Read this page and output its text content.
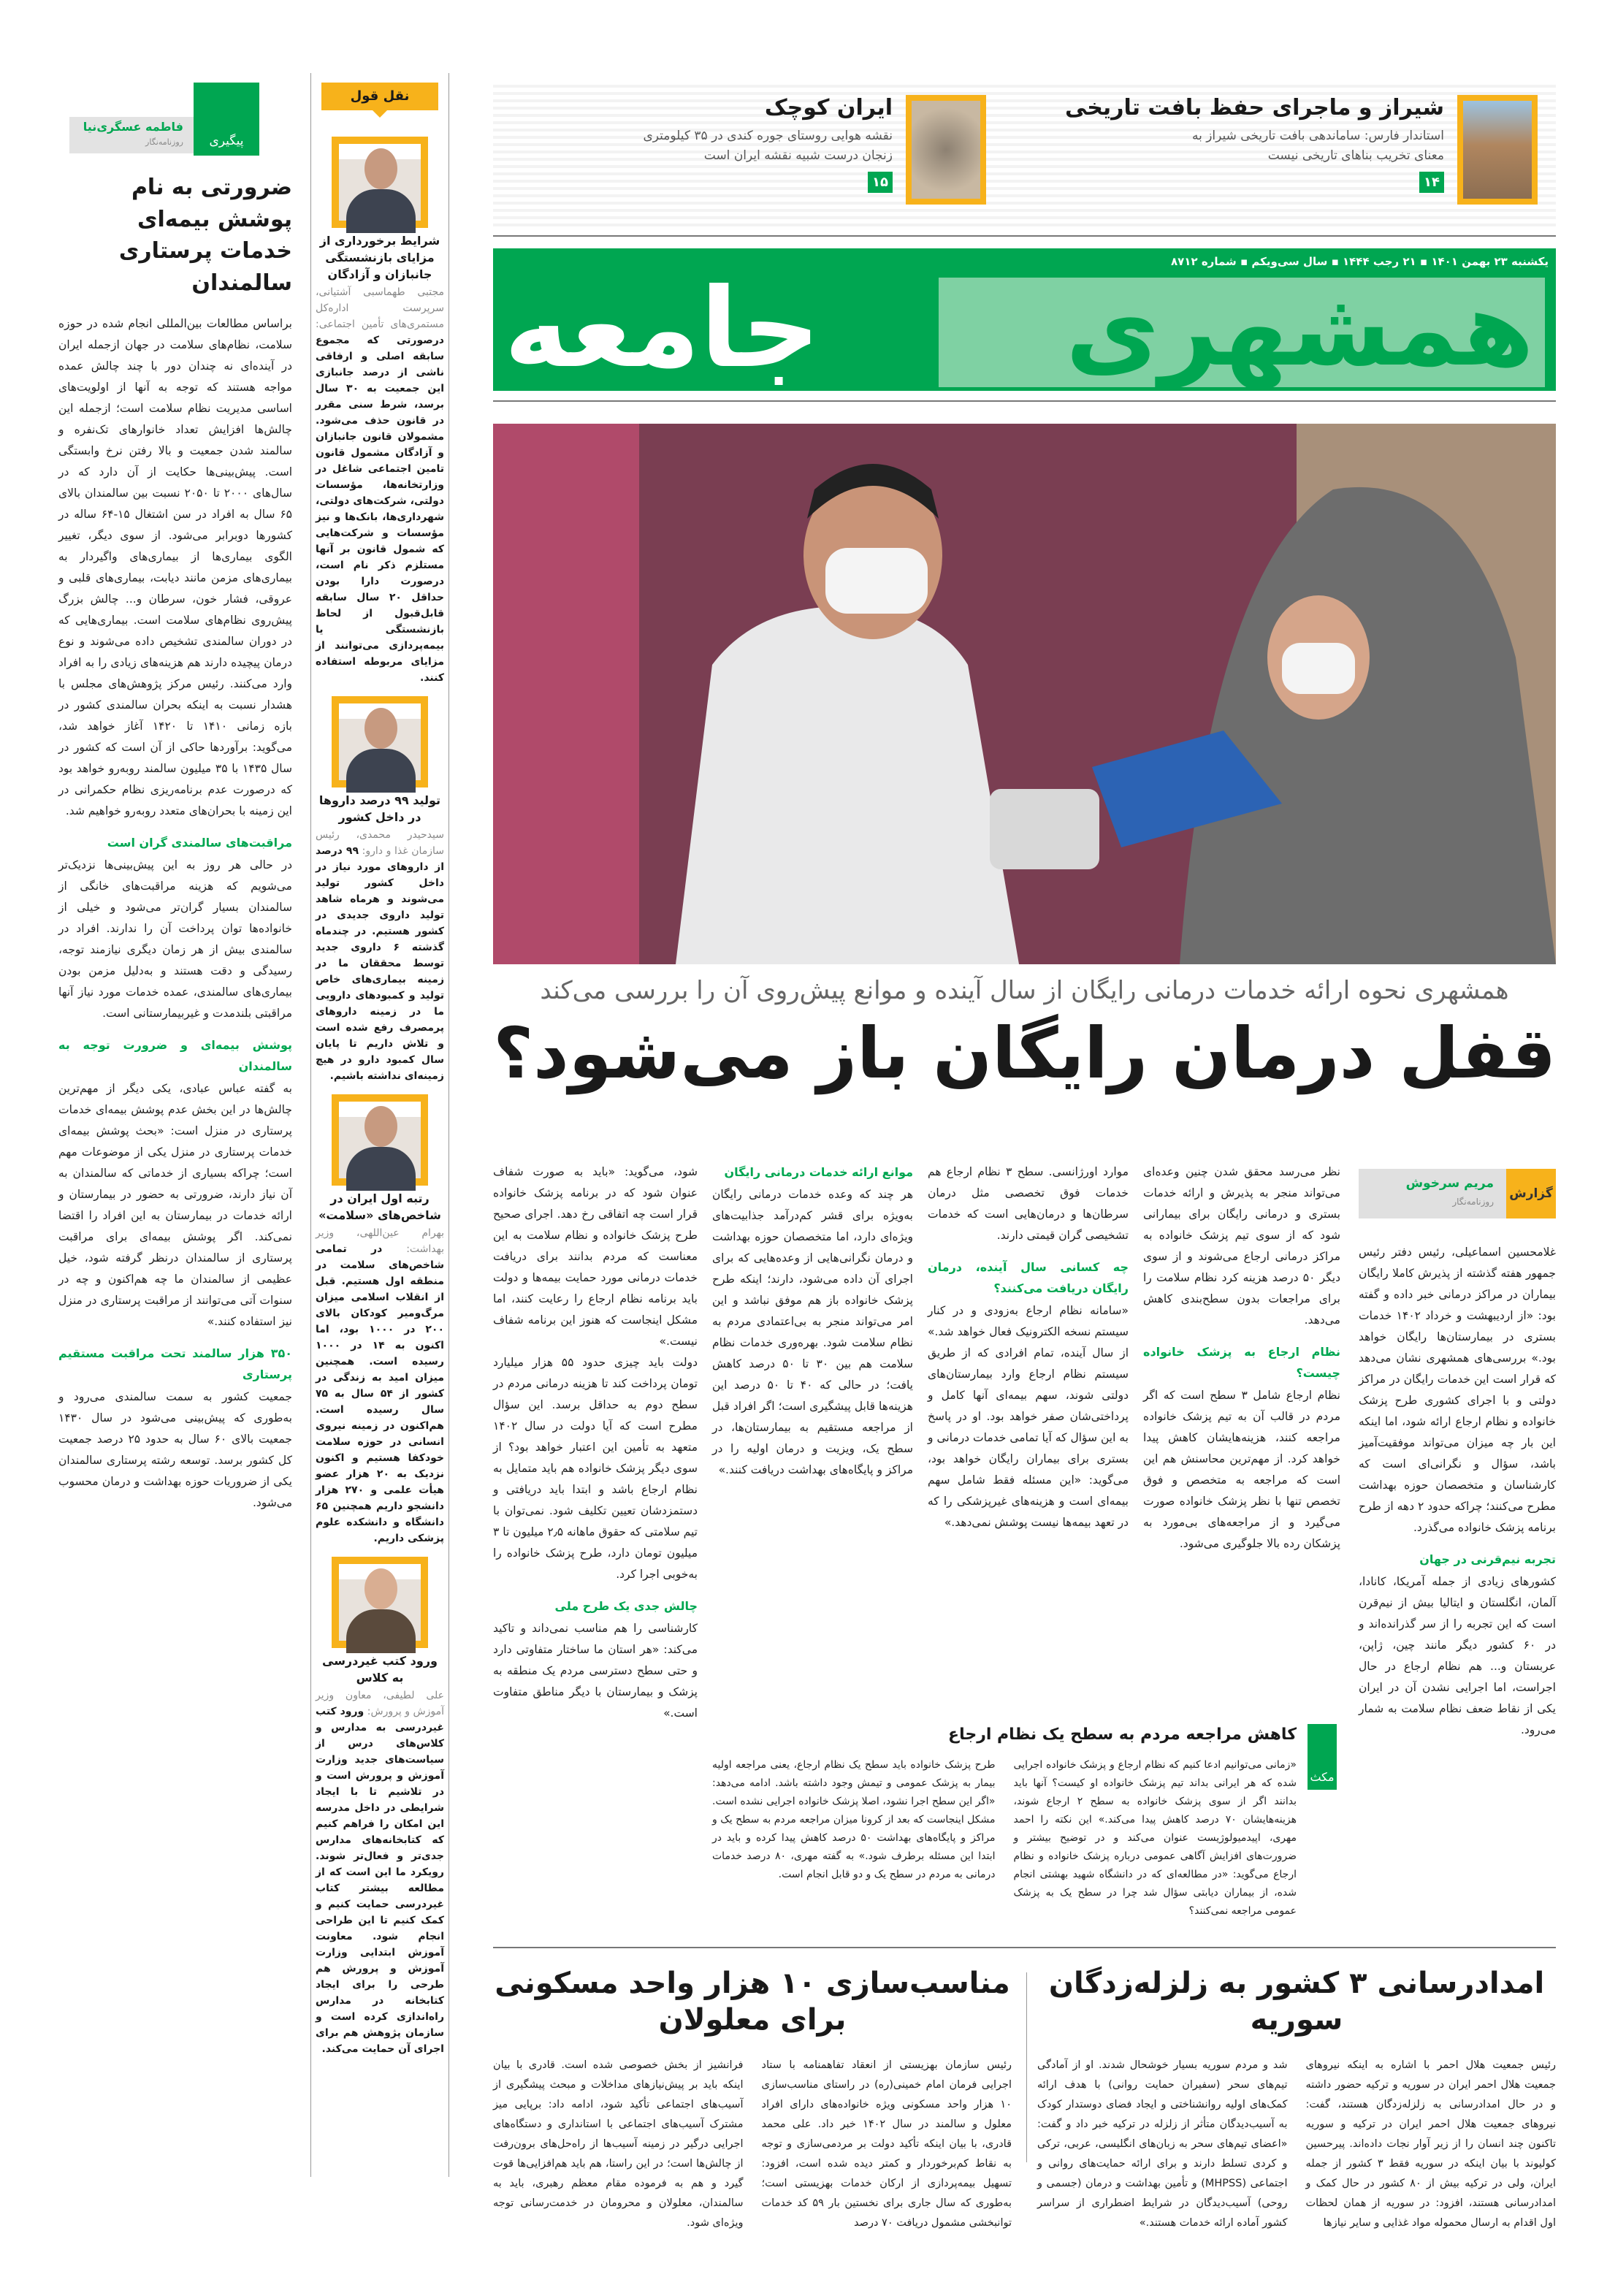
پیگیری
فاطمه عسگری‌نیا
روزنامه‌نگار
ضرورتی به نام پوشش بیمه‌ای خدمات پرستاری سالمندان

براساس مطالعات بین‌المللی انجام شده در حوزه سلامت، نظام‌های سلامت در جهان ازجمله ایران در آینده‌ای نه چندان دور با چند چالش عمده مواجه هستند که توجه به آنها از اولویت‌های اساسی مدیریت نظام سلامت است؛ ازجمله این چالش‌ها افزایش تعداد خانوارهای تک‌نفره و سالمند شدن جمعیت و بالا رفتن نرخ وابستگی است. پیش‌بینی‌ها حکایت از آن دارد که در سال‌های ۲۰۰۰ تا ۲۰۵۰ نسبت بین سالمندان بالای ۶۵ سال به افراد در سن اشتغال ۱۵-۶۴ ساله در کشورها دوبرابر می‌شود. از سوی دیگر، تغییر الگوی بیماری‌ها از بیماری‌های واگیردار به بیماری‌های مزمن مانند دیابت، بیماری‌های قلبی و عروقی، فشار خون، سرطان و... چالش بزرگ پیش‌روی نظام‌های سلامت است. بیماری‌هایی که در دوران سالمندی تشخیص داده می‌شوند و نوع درمان پیچیده دارند هم هزینه‌های زیادی را به افراد وارد می‌کنند. رئیس مرکز پژوهش‌های مجلس با هشدار نسبت به اینکه بحران سالمندی کشور در بازه زمانی ۱۴۱۰ تا ۱۴۲۰ آغاز خواهد شد، می‌گوید: برآوردها حاکی از آن است که کشور در سال ۱۴۳۵ با ۳۵ میلیون سالمند روبه‌رو خواهد بود که درصورت عدم برنامه‌ریزی نظام حکمرانی در این زمینه با بحران‌های متعدد روبه‌رو خواهیم شد.

مراقبت‌های سالمندی گران است

در حالی هر روز به این پیش‌بینی‌ها نزدیک‌تر می‌شویم که هزینه مراقبت‌های خانگی از سالمندان بسیار گران‌تر می‌شود و خیلی از خانواده‌ها توان پرداخت آن را ندارند. افراد در سالمندی بیش از هر زمان دیگری نیازمند توجه، رسیدگی و دقت هستند و به‌دلیل مزمن بودن بیماری‌های سالمندی، عمده خدمات مورد نیاز آنها مراقبتی بلندمدت و غیربیمارستانی است.

پوشش بیمه‌ای و ضرورت توجه به سالمندان

به گفته عباس عبادی، یکی دیگر از مهم‌ترین چالش‌ها در این بخش عدم پوشش بیمه‌ای خدمات پرستاری در منزل است: «بحث پوشش بیمه‌ای خدمات پرستاری در منزل یکی از موضوعات مهم است؛ چراکه بسیاری از خدماتی که سالمندان به آن نیاز دارند، ضرورتی به حضور در بیمارستان و ارائه خدمات در بیمارستان به این افراد را اقتضا نمی‌کند. اگر پوشش بیمه‌ای برای مراقبت پرستاری از سالمندان درنظر گرفته شود، خیل عظیمی از سالمندان ما چه هم‌اکنون و چه در سنوات آتی می‌توانند از مراقبت پرستاری در منزل نیز استفاده کنند.»

۳۵۰ هزار سالمند تحت مراقبت مستقیم پرستاری

جمعیت کشور به سمت سالمندی می‌رود و به‌طوری که پیش‌بینی می‌شود در سال ۱۴۳۰ جمعیت بالای ۶۰ سال به حدود ۲۵ درصد جمعیت کل کشور برسد. توسعه رشته پرستاری سالمندان یکی از ضروریات حوزه بهداشت و درمان محسوب می‌شود.

نقل قول
شرایط برخورداری از مزایای بازنشستگی جانبازان و آزادگان
مجتبی طهماسبی آشتیانی، سرپرست اداره‌کل مستمری‌های تأمین اجتماعی: درصورتی که مجموع سابقه اصلی و ارفاقی ناشی از درصد جانبازی این جمعیت به ۳۰ سال برسد، شرط سنی مقرر در قانون حذف می‌شود. مشمولان قانون جانبازان و آزادگان مشمول قانون تامین اجتماعی شاغل در وزارتخانه‌ها، مؤسسات دولتی، شرکت‌های دولتی، شهرداری‌ها، بانک‌ها و نیز مؤسسات و شرکت‌هایی که شمول قانون بر آنها مستلزم ذکر نام است، درصورت دارا بودن حداقل ۲۰ سال سابقه قابل‌قبول از لحاظ بازنشستگی یا بیمه‌پردازی می‌توانند از مزایای مربوطه استفاده کنند.
تولید ۹۹ درصد داروها در داخل کشور
سیدحیدر محمدی، رئیس سازمان غذا و دارو: ۹۹ درصد از داروهای مورد نیاز در داخل کشور تولید می‌شوند و هرماه شاهد تولید داروی جدیدی در کشور هستیم. در چندماه گذشته ۶ داروی جدید توسط محققان ما در زمینه بیماری‌های خاص تولید و کمبودهای دارویی ما در زمینه داروهای پرمصرف رفع شده است و تلاش داریم تا پایان سال کمبود دارو در هیچ زمینه‌ای نداشته باشیم.
رتبه اول ایران در شاخص‌های «سلامت»
بهرام عین‌اللهی، وزیر بهداشت: در تمامی شاخص‌های سلامت در منطقه اول هستیم. قبل از انقلاب اسلامی میزان مرگ‌ومیر کودکان بالای ۲۰۰ در ۱۰۰۰ بود، اما اکنون به ۱۴ در ۱۰۰۰ رسیده است. همچنین میزان امید به زندگی در کشور از ۵۴ سال به ۷۵ سال رسیده است. هم‌اکنون در زمینه نیروی انسانی در حوزه سلامت خودکفا هستیم و اکنون نزدیک به ۲۰ هزار عضو هیأت علمی و ۲۷۰ هزار دانشجو داریم همچنین ۶۵ دانشگاه و دانشکده علوم پزشکی داریم.
ورود کتب غیردرسی به کلاس
علی لطیفی، معاون وزیر آموزش و پرورش: ورود کتب غیردرسی به مدارس و کلاس‌های درس از سیاست‌های جدید وزارت آموزش و پرورش است و در تلاشیم تا با ایجاد شرایطی در داخل مدرسه این امکان را فراهم کنیم که کتابخانه‌های مدارس جدی‌تر و فعال‌تر شوند. رویکرد ما این است که از مطالعه بیشتر کتاب غیردرسی حمایت کنیم و کمک کنیم تا این طراحی انجام شود. معاونت آموزش ابتدایی وزارت آموزش و پرورش هم طرحی را برای ایجاد کتابخانه در مدارس راه‌اندازی کرده است و سازمان پژوهش هم برای اجرای آن حمایت می‌کند.
شیراز و ماجرای حفظ بافت تاریخی

استاندار فارس: ساماندهی بافت تاریخی شیراز به معنای تخریب بناهای تاریخی نیست

۱۴
ایران کوچک

نقشه هوایی روستای جوره کندی در ۳۵ کیلومتری زنجان درست شبیه نقشه ایران است

۱۵
یکشنبه ۲۳ بهمن ۱۴۰۱ ▪ ۲۱ رجب ۱۴۴۴ ▪ سال سی‌ویکم ▪ شماره ۸۷۱۲
همشهری
جامعه
همشهری نحوه ارائه خدمات درمانی رایگان از سال آینده و موانع پیش‌روی آن را بررسی می‌کند
قفل درمان رایگان باز می‌شود؟
گزارش
مریم سرخوش
روزنامه‌نگار

غلامحسین اسماعیلی، رئیس دفتر رئیس جمهور هفته گذشته از پذیرش کاملا رایگان بیماران در مراکز درمانی خبر داده و گفته بود: «از اردیبهشت و خرداد ۱۴۰۲ خدمات بستری در بیمارستان‌ها رایگان خواهد بود.» بررسی‌های همشهری نشان می‌دهد که قرار است این خدمات رایگان در مراکز دولتی و با اجرای کشوری طرح پزشک خانواده و نظام ارجاع ارائه شود، اما اینکه این بار چه میزان می‌تواند موفقیت‌آمیز باشد، سؤال و نگرانی‌ای است که کارشناسان و متخصصان حوزه بهداشت مطرح می‌کنند؛ چراکه حدود ۲ دهه از طرح برنامه پزشک خانواده می‌گذرد.

تجربه نیم‌قرنی در جهان

کشورهای زیادی از جمله آمریکا، کانادا، آلمان، انگلستان و ایتالیا بیش از نیم‌قرن است که این تجربه را از سر گذرانده‌اند و در ۶۰ کشور دیگر مانند چین، ژاپن، عربستان و... هم نظام ارجاع در حال اجراست، اما اجرایی نشدن آن در ایران یکی از نقاط ضعف نظام سلامت به شمار می‌رود.

نظر می‌رسد محقق شدن چنین وعده‌ای می‌تواند منجر به پذیرش و ارائه خدمات بستری و درمانی رایگان برای بیمارانی شود که از سوی تیم پزشک خانواده به مراکز درمانی ارجاع می‌شوند و از سوی دیگر ۵۰ درصد هزینه کرد نظام سلامت را برای مراجعات بدون سطح‌بندی کاهش می‌دهد.

نظام ارجاع به پزشک خانواده چیست؟

نظام ارجاع شامل ۳ سطح است که اگر مردم در قالب آن به تیم پزشک خانواده مراجعه کنند، هزینه‌هایشان کاهش پیدا خواهد کرد. از مهم‌ترین محاسنش هم این است که مراجعه به متخصص و فوق تخصص تنها با نظر پزشک خانواده صورت می‌گیرد و از مراجعه‌های بی‌مورد به پزشکان رده بالا جلوگیری می‌شود.

موارد اورژانسی. سطح ۳ نظام ارجاع هم خدمات فوق تخصصی مثل درمان سرطان‌ها و درمان‌هایی است که خدمات تشخیصی گران قیمتی دارند.

چه کسانی سال آینده، درمان رایگان دریافت می‌کنند؟

«سامانه نظام ارجاع به‌زودی و در کنار سیستم نسخه الکترونیک فعال خواهد شد.» از سال آینده، تمام افرادی که از طریق سیستم نظام ارجاع وارد بیمارستان‌های دولتی شوند، سهم بیمه‌ای آنها کامل و پرداختی‌شان صفر خواهد بود. او در پاسخ به این سؤال که آیا تمامی خدمات درمانی و بستری برای بیماران رایگان خواهد بود، می‌گوید: «این مسئله فقط شامل سهم بیمه‌ای است و هزینه‌های غیرپزشکی را که در تعهد بیمه‌ها نیست پوشش نمی‌دهد.»

موانع ارائه خدمات درمانی رایگان

هر چند که وعده خدمات درمانی رایگان به‌ویژه برای قشر کم‌درآمد جذابیت‌های ویژه‌ای دارد، اما متخصصان حوزه بهداشت و درمان نگرانی‌هایی از وعده‌هایی که برای اجرای آن داده می‌شود، دارند؛ اینکه طرح پزشک خانواده باز هم موفق نباشد و این امر می‌تواند منجر به بی‌اعتمادی مردم به نظام سلامت شود. بهره‌وری خدمات نظام سلامت هم بین ۳۰ تا ۵۰ درصد کاهش یافت؛ در حالی که ۴۰ تا ۵۰ درصد این هزینه‌ها قابل پیشگیری است؛ اگر افراد قبل از مراجعه مستقیم به بیمارستان‌ها، در سطح یک، ویزیت و درمان اولیه را در مراکز و پایگاه‌های بهداشت دریافت کنند.»

شود، می‌گوید: «باید به صورت شفاف عنوان شود که در برنامه پزشک خانواده قرار است چه اتفاقی رخ دهد. اجرای صحیح طرح پزشک خانواده و نظام سلامت به این معناست که مردم بدانند برای دریافت خدمات درمانی مورد حمایت بیمه‌ها و دولت باید برنامه نظام ارجاع را رعایت کنند، اما مشکل اینجاست که هنوز این برنامه شفاف نیست.»

دولت باید چیزی حدود ۵۵ هزار میلیارد تومان پرداخت کند تا هزینه درمانی مردم در سطح دوم به حداقل برسد. این سؤال مطرح است که آیا دولت در سال ۱۴۰۲ متعهد به تأمین این اعتبار خواهد بود؟ از سوی دیگر پزشک خانواده هم باید متمایل به نظام ارجاع باشد و ابتدا باید دریافتی و دستمزدشان تعیین تکلیف شود. نمی‌توان با تیم سلامتی که حقوق ماهانه ۲٫۵ میلیون تا ۳ میلیون تومان دارد، طرح پزشک خانواده را به‌خوبی اجرا کرد.

چالش جدی یک طرح ملی

کارشناسی را هم مناسب نمی‌داند و تاکید می‌کند: «هر استان ما ساختار متفاوتی دارد و حتی سطح دسترسی مردم یک منطقه به پزشک و بیمارستان با دیگر مناطق متفاوت است.»

مکث
کاهش مراجعه مردم به سطح یک نظام ارجاع

«زمانی می‌توانیم ادعا کنیم که نظام ارجاع و پزشک خانواده اجرایی شده که هر ایرانی بداند تیم پزشک خانواده او کیست؟ آنها باید بدانند اگر از سوی پزشک خانواده به سطح ۲ ارجاع شوند، هزینه‌هایشان ۷۰ درصد کاهش پیدا می‌کند.» این نکته را احمد مهری، اپیدمیولوژیست عنوان می‌کند و در توضیح بیشتر و ضرورت‌های افزایش آگاهی عمومی درباره پزشک خانواده و نظام ارجاع می‌گوید: «در مطالعه‌ای که در دانشگاه شهید بهشتی انجام شده، از بیماران دیابتی سؤال شد چرا در سطح یک به پزشک عمومی مراجعه نمی‌کنند؟

طرح پزشک خانواده باید سطح یک نظام ارجاع، یعنی مراجعه اولیه بیمار به پزشک عمومی و تیمش وجود داشته باشد. ادامه می‌دهد: «اگر این سطح اجرا نشود، اصلا پزشک خانواده اجرایی نشده است. مشکل اینجاست که بعد از کرونا میزان مراجعه مردم به سطح یک و مراکز و پایگاه‌های بهداشت ۵۰ درصد کاهش پیدا کرده و باید در ابتدا این مسئله برطرف شود.» به گفته مهری، ۸۰ درصد خدمات درمانی به مردم در سطح یک و دو قابل انجام است.

امدادرسانی ۳ کشور به زلزله‌زدگان سوریه

رئیس جمعیت هلال احمر با اشاره به اینکه نیروهای جمعیت هلال احمر ایران در سوریه و ترکیه حضور داشته و در حال امدادرسانی به زلزله‌زدگان هستند، گفت: نیروهای جمعیت هلال احمر ایران در ترکیه و سوریه تاکنون چند انسان را از زیر آوار نجات داده‌اند. پیرحسین کولیوند با بیان اینکه در سوریه فقط ۳ کشور از جمله ایران، ولی در ترکیه بیش از ۸۰ کشور در حال کمک و امدادرسانی هستند، افزود: در سوریه از همان لحظات اول اقدام به ارسال محموله مواد غذایی و سایر نیازها

شد و مردم سوریه بسیار خوشحال شدند. او از آمادگی تیم‌های سحر (سفیران حمایت روانی) با هدف ارائه کمک‌های اولیه روانشناختی و ایجاد فضای دوستدار کودک به آسیب‌دیدگان متأثر از زلزله در ترکیه خبر داد و گفت: «اعضای تیم‌های سحر به زبان‌های انگلیسی، عربی، ترکی و کردی تسلط دارند و برای ارائه حمایت‌های روانی و اجتماعی (MHPSS) و تأمین بهداشت و درمان (جسمی و روحی) آسیب‌دیدگان در شرایط اضطراری از سراسر کشور آماده ارائه خدمات هستند.»

مناسب‌سازی ۱۰ هزار واحد مسکونی برای معلولان

رئیس سازمان بهزیستی از انعقاد تفاهمنامه با ستاد اجرایی فرمان امام خمینی(ره) در راستای مناسب‌سازی ۱۰ هزار واحد مسکونی ویژه خانواده‌های دارای افراد معلول و سالمند در سال ۱۴۰۲ خبر داد. علی محمد قادری، با بیان اینکه تأکید دولت بر مردمی‌سازی و توجه به نقاط کم‌برخوردار و کمتر دیده شده است، افزود: تسهیل بیمه‌پردازی از ارکان خدمات بهزیستی است؛ به‌طوری که سال جاری برای نخستین بار ۵۹ کد خدمات توانبخشی مشمول دریافت ۷۰ درصد

فرانشیز از بخش خصوصی شده است. قادری با بیان اینکه باید بر پیش‌نیازهای مداخلات و مبحث پیشگیری از آسیب‌های اجتماعی تأکید شود، ادامه داد: برپایی میز مشترک آسیب‌های اجتماعی با استانداری و دستگاه‌های اجرایی درگیر در زمینه آسیب‌ها از راه‌حل‌های برون‌رفت از چالش‌ها است؛ در این راستا، هم باید هم‌افزایی‌ها قوت گیرد و هم به فرموده مقام معظم رهبری، باید به سالمندان، معلولان و محرومان در خدمت‌رسانی توجه ویژه‌ای شود.
